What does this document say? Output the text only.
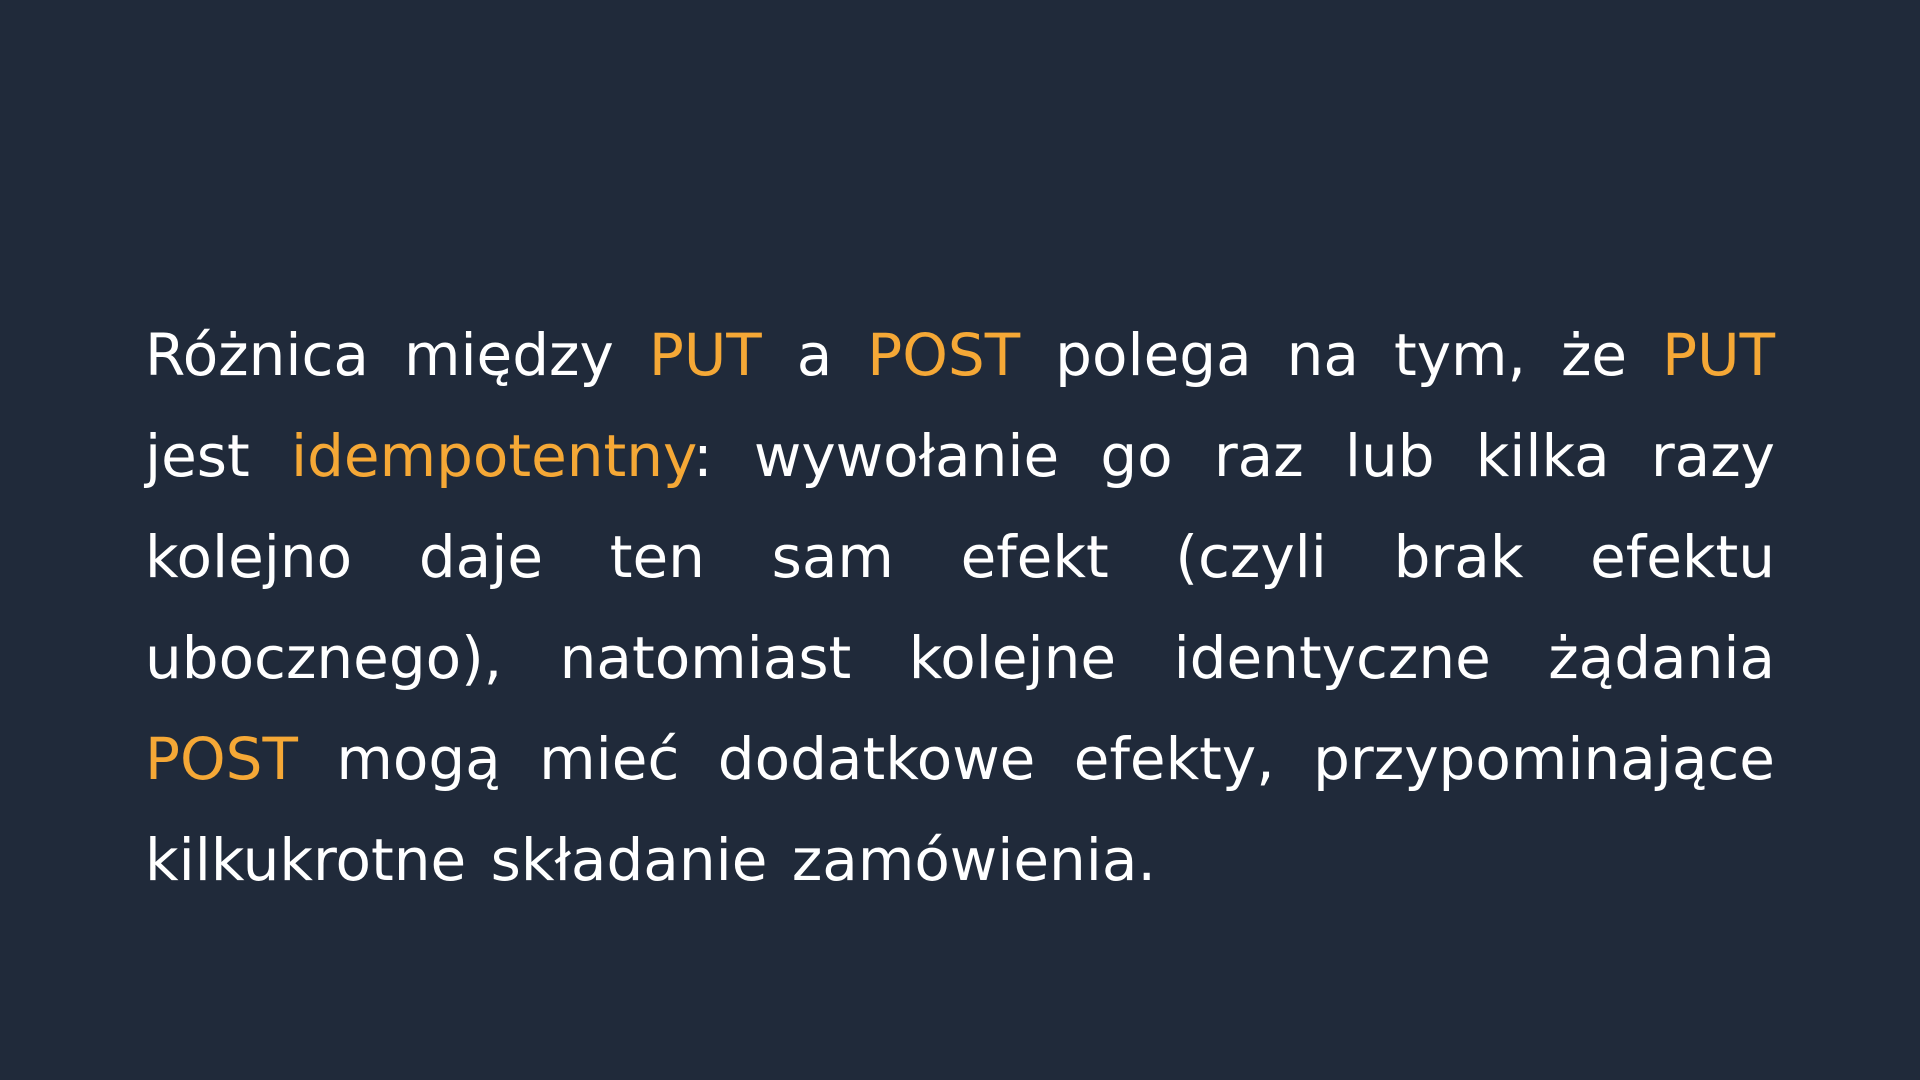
Różnica między PUT a POST polega na tym, że PUT jest idempotentny: wywołanie go raz lub kilka razy kolejno daje ten sam efekt (czyli brak efektu ubocznego), natomiast kolejne identyczne żądania POST mogą mieć dodatkowe efekty, przypominające kilkukrotne składanie zamówienia.
